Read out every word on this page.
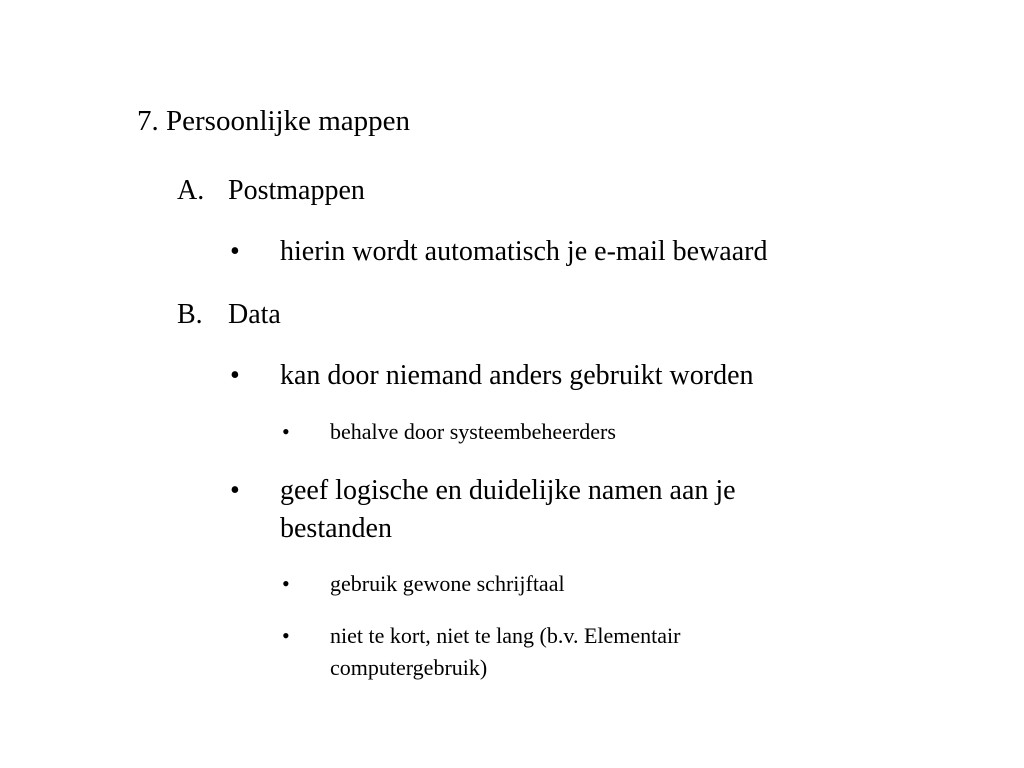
7. Persoonlijke mappen
A. Postmappen
• hierin wordt automatisch je e-mail bewaard
B. Data
• kan door niemand anders gebruikt worden
• behalve door systeembeheerders
• geef logische en duidelijke namen aan je bestanden
• gebruik gewone schrijftaal
• niet te kort, niet te lang (b.v. Elementair computergebruik)
